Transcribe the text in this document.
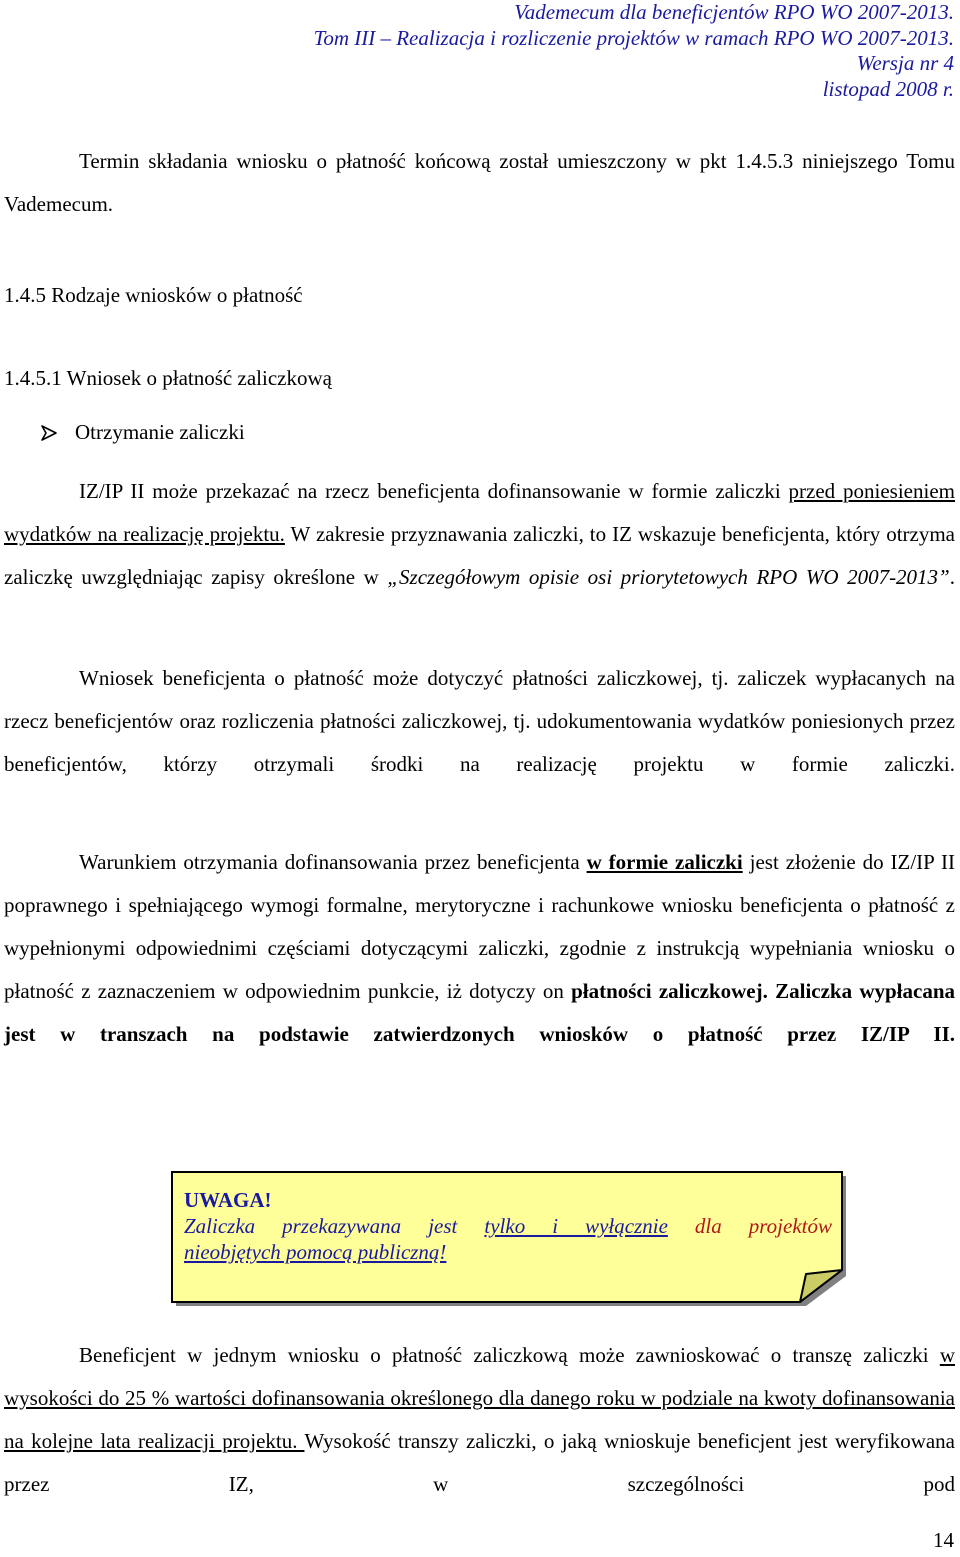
Vademecum dla beneficjentów RPO WO 2007-2013.
Tom III – Realizacja i rozliczenie projektów w ramach RPO WO 2007-2013.
Wersja nr 4
listopad 2008 r.

Termin składania wniosku o płatność końcową został umieszczony w pkt 1.4.5.3 niniejszego Tomu Vademecum.

1.4.5 Rodzaje wniosków o płatność
1.4.5.1 Wniosek o płatność zaliczkową
Otrzymanie zaliczki

IZ/IP II może przekazać na rzecz beneficjenta dofinansowanie w formie zaliczki przed poniesieniem wydatków na realizację projektu. W zakresie przyznawania zaliczki, to IZ wskazuje beneficjenta, który otrzyma zaliczkę uwzględniając zapisy określone w „Szczegółowym opisie osi priorytetowych RPO WO 2007-2013”.

Wniosek beneficjenta o płatność może dotyczyć płatności zaliczkowej, tj. zaliczek wypłacanych na rzecz beneficjentów oraz rozliczenia płatności zaliczkowej, tj. udokumentowania wydatków poniesionych przez beneficjentów, którzy otrzymali środki na realizację projektu w formie zaliczki.

Warunkiem otrzymania dofinansowania przez beneficjenta w formie zaliczki jest złożenie do IZ/IP II poprawnego i spełniającego wymogi formalne, merytoryczne i rachunkowe wniosku beneficjenta o płatność z wypełnionymi odpowiednimi częściami dotyczącymi zaliczki, zgodnie z instrukcją wypełniania wniosku o płatność z zaznaczeniem w odpowiednim punkcie, iż dotyczy on płatności zaliczkowej. Zaliczka wypłacana jest w transzach na podstawie zatwierdzonych wniosków o płatność przez IZ/IP II.

UWAGA!
Zaliczka przekazywana jest tylko i wyłącznie dla projektów
nieobjętych pomocą publiczną!

Beneficjent w jednym wniosku o płatność zaliczkową może zawnioskować o transzę zaliczki w wysokości do 25 % wartości dofinansowania określonego dla danego roku w podziale na kwoty dofinansowania na kolejne lata realizacji projektu. Wysokość transzy zaliczki, o jaką wnioskuje beneficjent jest weryfikowana przez IZ, w szczególności pod

14
